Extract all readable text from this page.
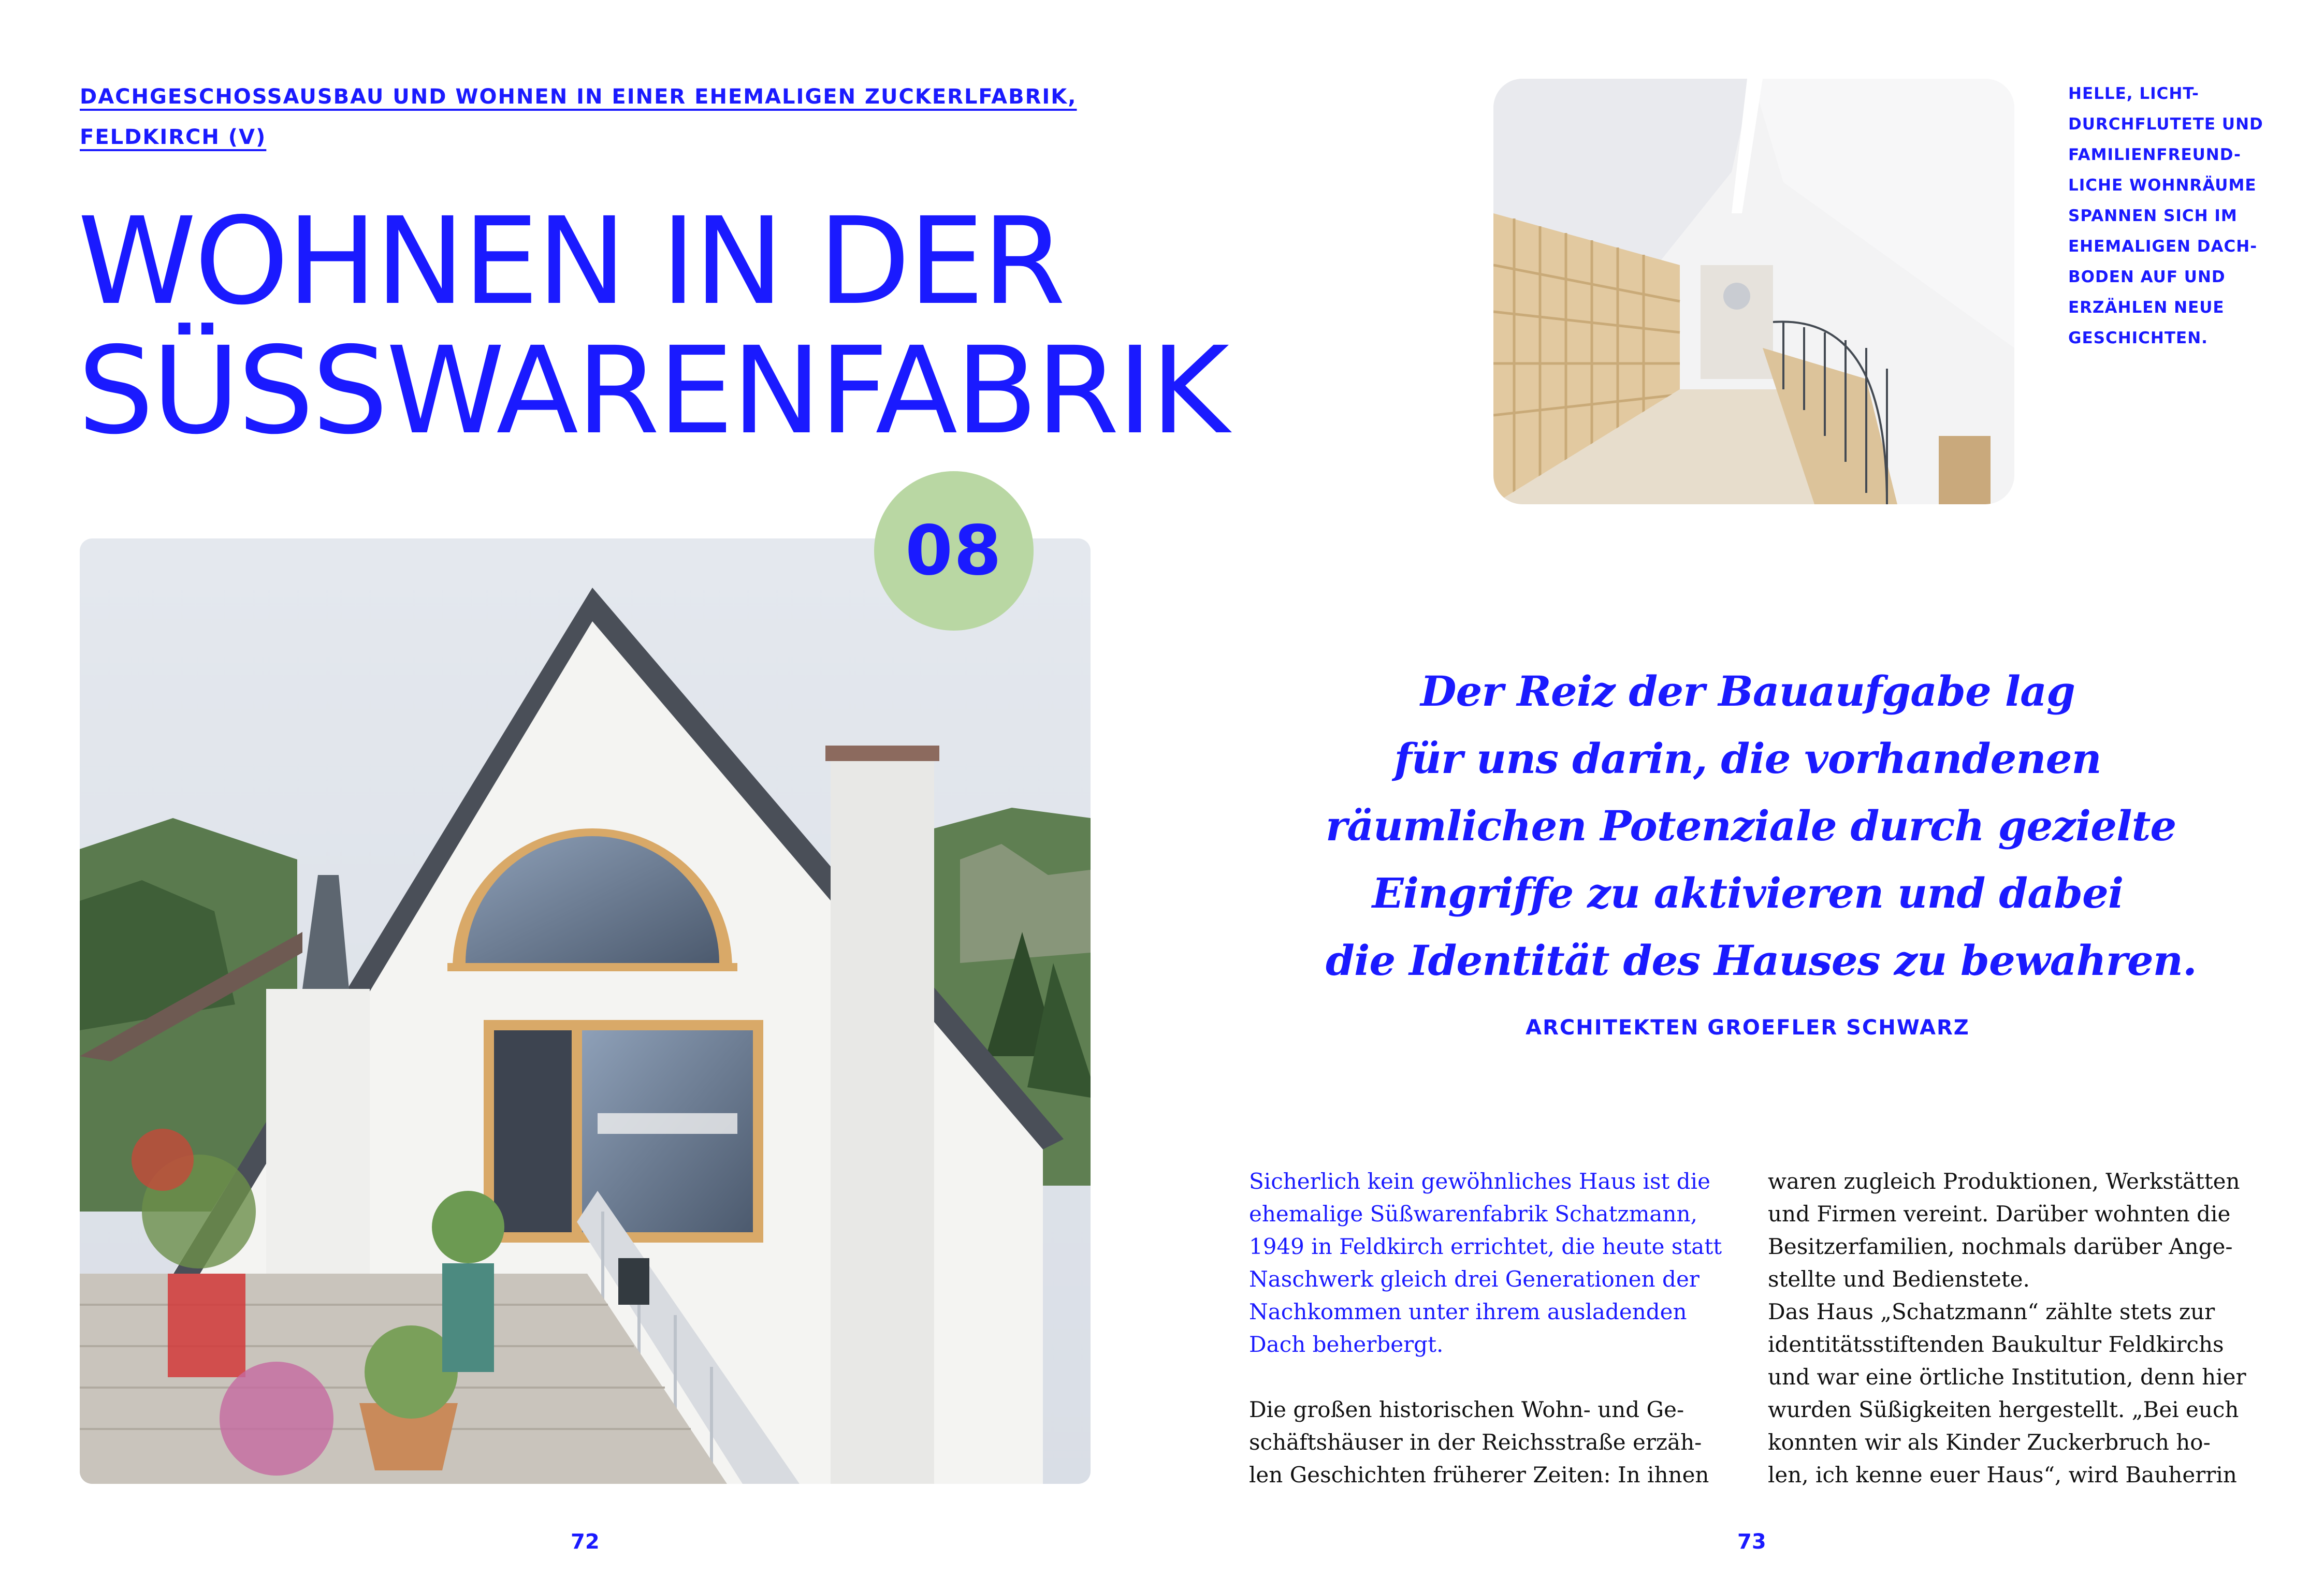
DACHGESCHOSSAUSBAU UND WOHNEN IN EINER EHEMALIGEN ZUCKERLFABRIK,
FELDKIRCH (V)
WOHNEN IN DER
SÜSSWARENFABRIK
08
72
HELLE, LICHT-
DURCHFLUTETE UND
FAMILIENFREUND-
LICHE WOHNRÄUME
SPANNEN SICH IM
EHEMALIGEN DACH-
BODEN AUF UND
ERZÄHLEN NEUE
GESCHICHTEN.
Der Reiz der Bauaufgabe lag
für uns darin, die vorhandenen
räumlichen Potenziale durch gezielte
Eingriffe zu aktivieren und dabei
die Identität des Hauses zu bewahren.
ARCHITEKTEN GROEFLER SCHWARZ
Sicherlich kein gewöhnliches Haus ist die
ehemalige Süßwarenfabrik Schatzmann,
1949 in Feldkirch errichtet, die heute statt
Naschwerk gleich drei Generationen der
Nachkommen unter ihrem ausladenden
Dach beherbergt.
Die großen historischen Wohn- und Ge-
schäftshäuser in der Reichsstraße erzäh-
len Geschichten früherer Zeiten: In ihnen
waren zugleich Produktionen, Werkstätten
und Firmen vereint. Darüber wohnten die
Besitzerfamilien, nochmals darüber Ange-
stellte und Bedienstete.
Das Haus „Schatzmann“ zählte stets zur
identitätsstiftenden Baukultur Feldkirchs
und war eine örtliche Institution, denn hier
wurden Süßigkeiten hergestellt. „Bei euch
konnten wir als Kinder Zuckerbruch ho-
len, ich kenne euer Haus“, wird Bauherrin
73
